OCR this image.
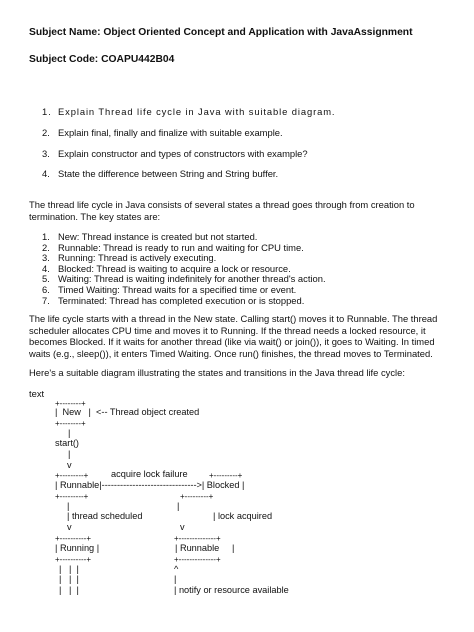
Subject Name: Object Oriented Concept and Application with JavaAssignment
Subject Code: COAPU442B04
1. Explain Thread life cycle in Java with suitable diagram.
2. Explain final, finally and finalize with suitable example.
3. Explain constructor and types of constructors with example?
4. State the difference between String and String buffer.

The thread life cycle in Java consists of several states a thread goes through from creation to termination. The key states are:

1. New: Thread instance is created but not started.
2. Runnable: Thread is ready to run and waiting for CPU time.
3. Running: Thread is actively executing.
4. Blocked: Thread is waiting to acquire a lock or resource.
5. Waiting: Thread is waiting indefinitely for another thread's action.
6. Timed Waiting: Thread waits for a specified time or event.
7. Terminated: Thread has completed execution or is stopped.

The life cycle starts with a thread in the New state. Calling start() moves it to Runnable. The thread scheduler allocates CPU time and moves it to Running. If the thread needs a locked resource, it becomes Blocked. If it waits for another thread (like via wait() or join()), it goes to Waiting. In timed waits (e.g., sleep()), it enters Timed Waiting. Once run() finishes, the thread moves to Terminated.

Here's a suitable diagram illustrating the states and transitions in the Java thread life cycle:

text
+--------+
|  New   |  <-- Thread object created
+--------+
|
start()
|
v
+---------+ acquire lock failure	+---------+
| Runnable|------------------------------->| Blocked |
+---------+	+---------+
|	|
| thread scheduled	| lock acquired
v	v
+----------+	+--------------+
| Running |	| Runnable     |
+----------+	+--------------+
|   |  |	^
|   |  |	|
|   |  |	| notify or resource available
